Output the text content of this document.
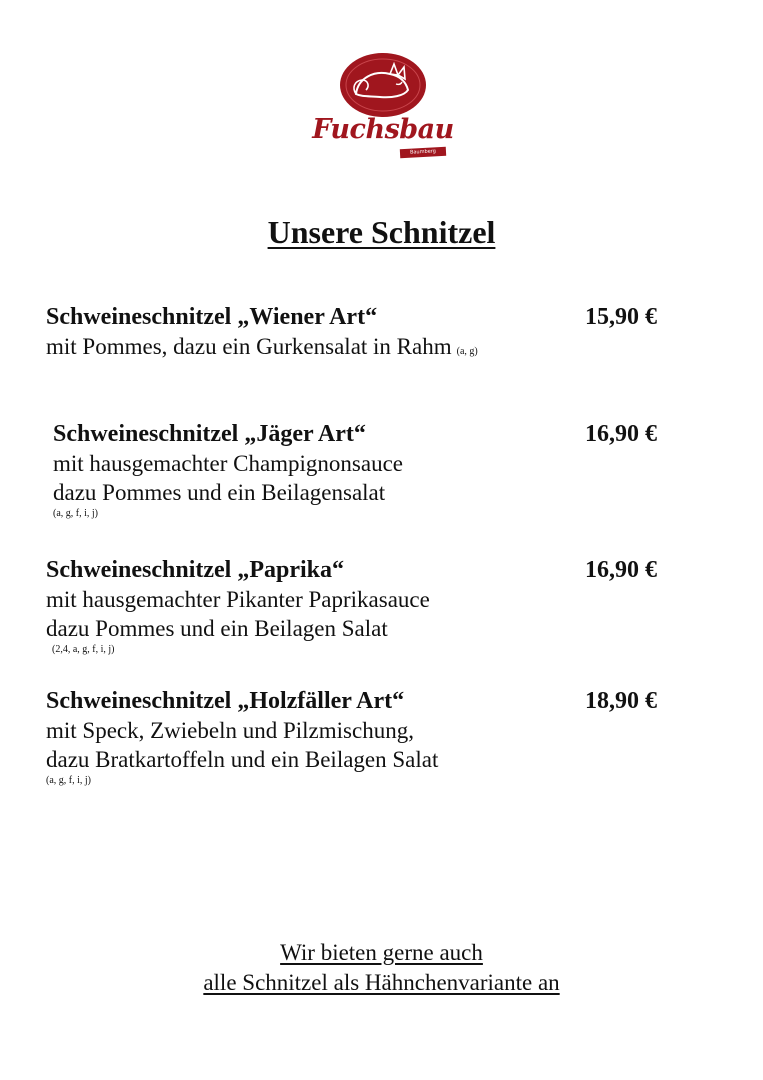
Fuchsbau
Baumberg
Unsere Schnitzel
Schweineschnitzel „Wiener Art“
mit Pommes, dazu ein Gurkensalat in Rahm (a, g)
15,90 €
Schweineschnitzel „Jäger Art“
mit hausgemachter Champignonsauce
dazu Pommes und ein Beilagensalat
(a, g, f, i, j)
16,90 €
Schweineschnitzel „Paprika“
mit hausgemachter Pikanter Paprikasauce
dazu Pommes und ein Beilagen Salat
(2,4, a, g, f, i, j)
16,90 €
Schweineschnitzel „Holzfäller Art“
mit Speck, Zwiebeln und Pilzmischung,
dazu Bratkartoffeln und ein Beilagen Salat
(a, g, f, i, j)
18,90 €
Wir bieten gerne auch
alle Schnitzel als Hähnchenvariante an
